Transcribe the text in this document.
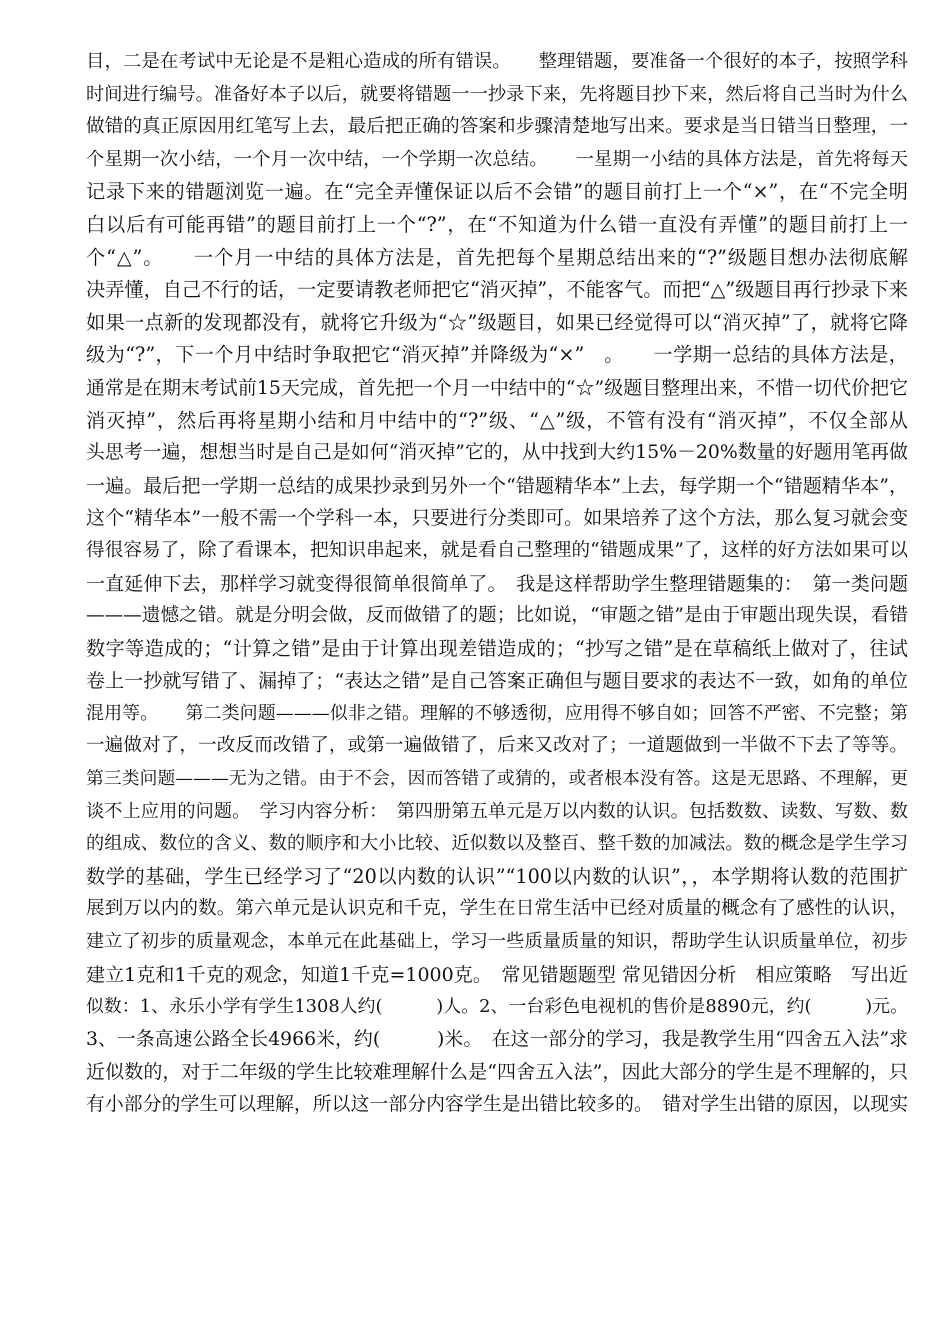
目，二是在考试中无论是不是粗心造成的所有错误。　　整理错题，要准备一个很好的本子，按照学科
时间进行编号。准备好本子以后，就要将错题一一抄录下来，先将题目抄下来，然后将自己当时为什么
做错的真正原因用红笔写上去，最后把正确的答案和步骤清楚地写出来。要求是当日错当日整理，一
个星期一次小结，一个月一次中结，一个学期一次总结。　　一星期一小结的具体方法是，首先将每天
记录下来的错题浏览一遍。在“完全弄懂保证以后不会错”的题目前打上一个“×”，在“不完全明
白以后有可能再错”的题目前打上一个“?”，在“不知道为什么错一直没有弄懂”的题目前打上一
个“△”。　　一个月一中结的具体方法是，首先把每个星期总结出来的“?”级题目想办法彻底解
决弄懂，自己不行的话，一定要请教老师把它“消灭掉”，不能客气。而把“△”级题目再行抄录下来
如果一点新的发现都没有，就将它升级为“☆”级题目，如果已经觉得可以“消灭掉”了，就将它降
级为“?”，下一个月中结时争取把它“消灭掉”并降级为“×”　。　　一学期一总结的具体方法是，
通常是在期末考试前15天完成，首先把一个月一中结中的“☆”级题目整理出来，不惜一切代价把它
消灭掉”，然后再将星期小结和月中结中的“?”级、“△”级，不管有没有“消灭掉”，不仅全部从
头思考一遍，想想当时是自己是如何“消灭掉”它的，从中找到大约15%－20%数量的好题用笔再做
一遍。最后把一学期一总结的成果抄录到另外一个“错题精华本”上去，每学期一个“错题精华本”，
这个“精华本”一般不需一个学科一本，只要进行分类即可。如果培养了这个方法，那么复习就会变
得很容易了，除了看课本，把知识串起来，就是看自己整理的“错题成果”了，这样的好方法如果可以
一直延伸下去，那样学习就变得很简单很简单了。　我是这样帮助学生整理错题集的：　第一类问题
———遗憾之错。就是分明会做，反而做错了的题；比如说，“审题之错”是由于审题出现失误，看错
数字等造成的；“计算之错”是由于计算出现差错造成的；“抄写之错”是在草稿纸上做对了，往试
卷上一抄就写错了、漏掉了；“表达之错”是自己答案正确但与题目要求的表达不一致，如角的单位
混用等。　　第二类问题———似非之错。理解的不够透彻，应用得不够自如；回答不严密、不完整；第
一遍做对了，一改反而改错了，或第一遍做错了，后来又改对了；一道题做到一半做不下去了等等。
第三类问题———无为之错。由于不会，因而答错了或猜的，或者根本没有答。这是无思路、不理解，更
谈不上应用的问题。　学习内容分析：　第四册第五单元是万以内数的认识。包括数数、读数、写数、数
的组成、数位的含义、数的顺序和大小比较、近似数以及整百、整千数的加减法。数的概念是学生学习
数学的基础，学生已经学习了“20以内数的认识”“100以内数的认识”，，本学期将认数的范围扩
展到万以内的数。第六单元是认识克和千克，学生在日常生活中已经对质量的概念有了感性的认识，
建立了初步的质量观念，本单元在此基础上，学习一些质量质量的知识，帮助学生认识质量单位，初步
建立1克和1千克的观念，知道1千克=1000克。　常见错题题型 常见错因分析　相应策略　写出近
似数：1、永乐小学有学生1308人约(　　　)人。2、一台彩色电视机的售价是8890元，约(　　　)元。
3、一条高速公路全长4966米，约(　　　)米。　在这一部分的学习，我是教学生用“四舍五入法”求
近似数的，对于二年级的学生比较难理解什么是“四舍五入法”，因此大部分的学生是不理解的，只
有小部分的学生可以理解，所以这一部分内容学生是出错比较多的。　错对学生出错的原因，以现实
